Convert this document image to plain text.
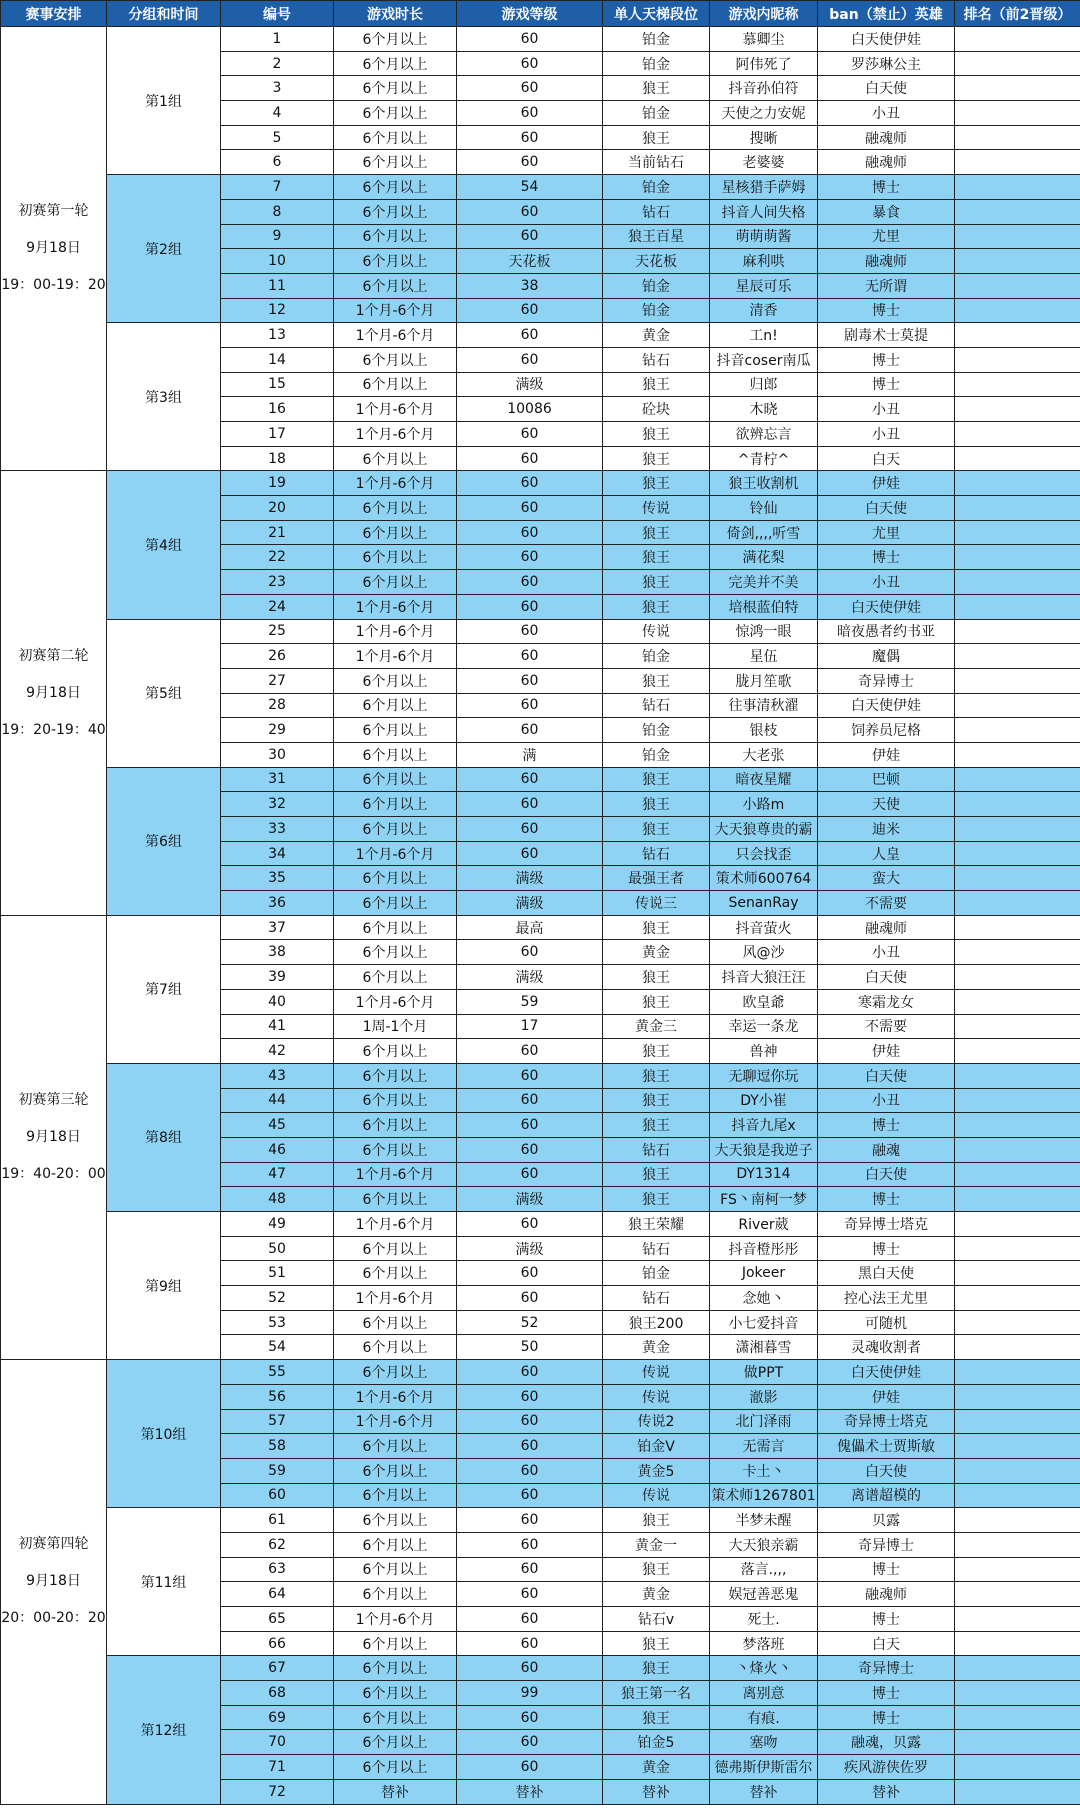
赛事安排	分组和时间	编号	游戏时长	游戏等级	单人天梯段位	游戏内昵称	ban（禁止）英雄	排名（前2晋级）

初赛第一轮
9月18日
19：00-19：20	第1组	1	6个月以上	60	铂金	慕卿尘	白天使伊娃	
		2	6个月以上	60	铂金	阿伟死了	罗莎琳公主	
		3	6个月以上	60	狼王	抖音孙伯符	白天使	
		4	6个月以上	60	铂金	天使之力安妮	小丑	
		5	6个月以上	60	狼王	搜晰	融魂师	
		6	6个月以上	60	当前钻石	老婆婆	融魂师	
	第2组	7	6个月以上	54	铂金	星核猎手萨姆	博士	
		8	6个月以上	60	钻石	抖音人间失格	暴食	
		9	6个月以上	60	狼王百星	萌萌萌酱	尤里	
		10	6个月以上	天花板	天花板	麻利哄	融魂师	
		11	6个月以上	38	铂金	星辰可乐	无所谓	
		12	1个月-6个月	60	铂金	清香	博士	
	第3组	13	1个月-6个月	60	黄金	工n!	剧毒术士莫提	
		14	6个月以上	60	钻石	抖音coser南瓜	博士	
		15	6个月以上	满级	狼王	归郎	博士	
		16	1个月-6个月	10086	砼块	木晓	小丑	
		17	1个月-6个月	60	狼王	欲辨忘言	小丑	
		18	6个月以上	60	狼王	^青柠^	白天	

初赛第二轮
9月18日
19：20-19：40	第4组	19	1个月-6个月	60	狼王	狼王收割机	伊娃	
		20	6个月以上	60	传说	铃仙	白天使	
		21	6个月以上	60	狼王	倚剑,,,,听雪	尤里	
		22	6个月以上	60	狼王	满花梨	博士	
		23	6个月以上	60	狼王	完美并不美	小丑	
		24	1个月-6个月	60	狼王	培根蓝伯特	白天使伊娃	
	第5组	25	1个月-6个月	60	传说	惊鸿一眼	暗夜愚者约书亚	
		26	1个月-6个月	60	铂金	星伍	魔偶	
		27	6个月以上	60	狼王	胧月笙歌	奇异博士	
		28	6个月以上	60	钻石	往事清秋濯	白天使伊娃	
		29	6个月以上	60	铂金	银枝	饲养员尼格	
		30	6个月以上	满	铂金	大老张	伊娃	
	第6组	31	6个月以上	60	狼王	暗夜星耀	巴顿	
		32	6个月以上	60	狼王	小路m	天使	
		33	6个月以上	60	狼王	大天狼尊贵的霸	迪米	
		34	1个月-6个月	60	钻石	只会找歪	人皇	
		35	6个月以上	满级	最强王者	策术师600764	蛮大	
		36	6个月以上	满级	传说三	SenanRay	不需要	

初赛第三轮
9月18日
19：40-20：00	第7组	37	6个月以上	最高	狼王	抖音萤火	融魂师	
		38	6个月以上	60	黄金	风@沙	小丑	
		39	6个月以上	满级	狼王	抖音大狼汪汪	白天使	
		40	1个月-6个月	59	狼王	欧皇爺	寒霜龙女	
		41	1周-1个月	17	黄金三	幸运一条龙	不需要	
		42	6个月以上	60	狼王	兽神	伊娃	
	第8组	43	6个月以上	60	狼王	无聊逗你玩	白天使	
		44	6个月以上	60	狼王	DY小崔	小丑	
		45	6个月以上	60	狼王	抖音九尾x	博士	
		46	6个月以上	60	钻石	大天狼是我逆子	融魂	
		47	1个月-6个月	60	狼王	DY1314	白天使	
		48	6个月以上	满级	狼王	FS丶南柯一梦	博士	
	第9组	49	1个月-6个月	60	狼王荣耀	River葳	奇异博士塔克	
		50	6个月以上	满级	钻石	抖音橙彤彤	博士	
		51	6个月以上	60	铂金	Jokeer	黑白天使	
		52	1个月-6个月	60	钻石	念她丶	控心法王尤里	
		53	6个月以上	52	狼王200	小七爱抖音	可随机	
		54	6个月以上	50	黄金	潇湘暮雪	灵魂收割者	

初赛第四轮
9月18日
20：00-20：20	第10组	55	6个月以上	60	传说	做PPT	白天使伊娃	
		56	1个月-6个月	60	传说	澈影	伊娃	
		57	1个月-6个月	60	传说2	北门泽雨	奇异博士塔克	
		58	6个月以上	60	铂金V	无需言	傀儡术士贾斯敏	
		59	6个月以上	60	黄金5	卡土丶	白天使	
		60	6个月以上	60	传说	策术师1267801	离谱超模的	
	第11组	61	6个月以上	60	狼王	半梦未醒	贝露	
		62	6个月以上	60	黄金一	大天狼亲霸	奇异博士	
		63	6个月以上	60	狼王	落言.,,,	博士	
		64	6个月以上	60	黄金	娱冠善恶鬼	融魂师	
		65	1个月-6个月	60	钻石v	死士.	博士	
		66	6个月以上	60	狼王	梦落班	白天	
	第12组	67	6个月以上	60	狼王	丶烽火丶	奇异博士	
		68	6个月以上	99	狼王第一名	离别意	博士	
		69	6个月以上	60	狼王	有痕.	博士	
		70	6个月以上	60	铂金5	塞吻	融魂，贝露	
		71	6个月以上	60	黄金	德弗斯伊斯雷尔	疾风游侠佐罗	
		72	替补	替补	替补	替补	替补	
